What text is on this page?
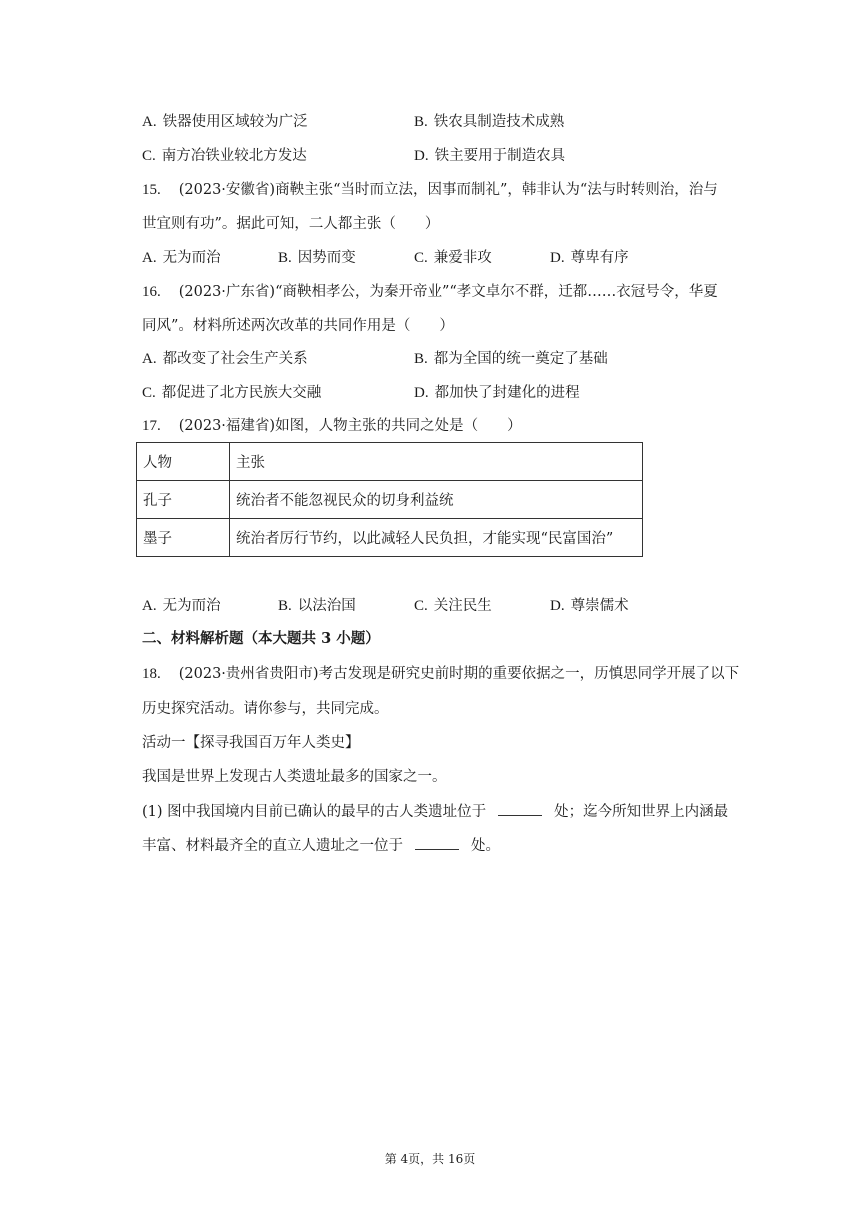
A. 铁器使用区域较为广泛	B. 铁农具制造技术成熟
C. 南方冶铁业较北方发达	D. 铁主要用于制造农具
15. (2023·安徽省)商鞅主张“当时而立法，因事而制礼”，韩非认为“法与时转则治，治与
世宜则有功”。据此可知，二人都主张（　　）
A. 无为而治	B. 因势而变	C. 兼爱非攻	D. 尊卑有序
16. (2023·广东省)“商鞅相孝公，为秦开帝业”“孝文卓尔不群，迁都……衣冠号令，华夏
同风”。材料所述两次改革的共同作用是（　　）
A. 都改变了社会生产关系	B. 都为全国的统一奠定了基础
C. 都促进了北方民族大交融	D. 都加快了封建化的进程
17. (2023·福建省)如图，人物主张的共同之处是（　　）
人物	主张
孔子	统治者不能忽视民众的切身利益统
墨子	统治者厉行节约，以此减轻人民负担，才能实现“民富国治”
A. 无为而治	B. 以法治国	C. 关注民生	D. 尊崇儒术
二、材料解析题（本大题共 3 小题）
18. (2023·贵州省贵阳市)考古发现是研究史前时期的重要依据之一，历慎思同学开展了以下
历史探究活动。请你参与，共同完成。
活动一【探寻我国百万年人类史】
我国是世界上发现古人类遗址最多的国家之一。
(1) 图中我国境内目前已确认的最早的古人类遗址位于	处；迄今所知世界上内涵最
丰富、材料最齐全的直立人遗址之一位于	处。
第 4页，共 16页
